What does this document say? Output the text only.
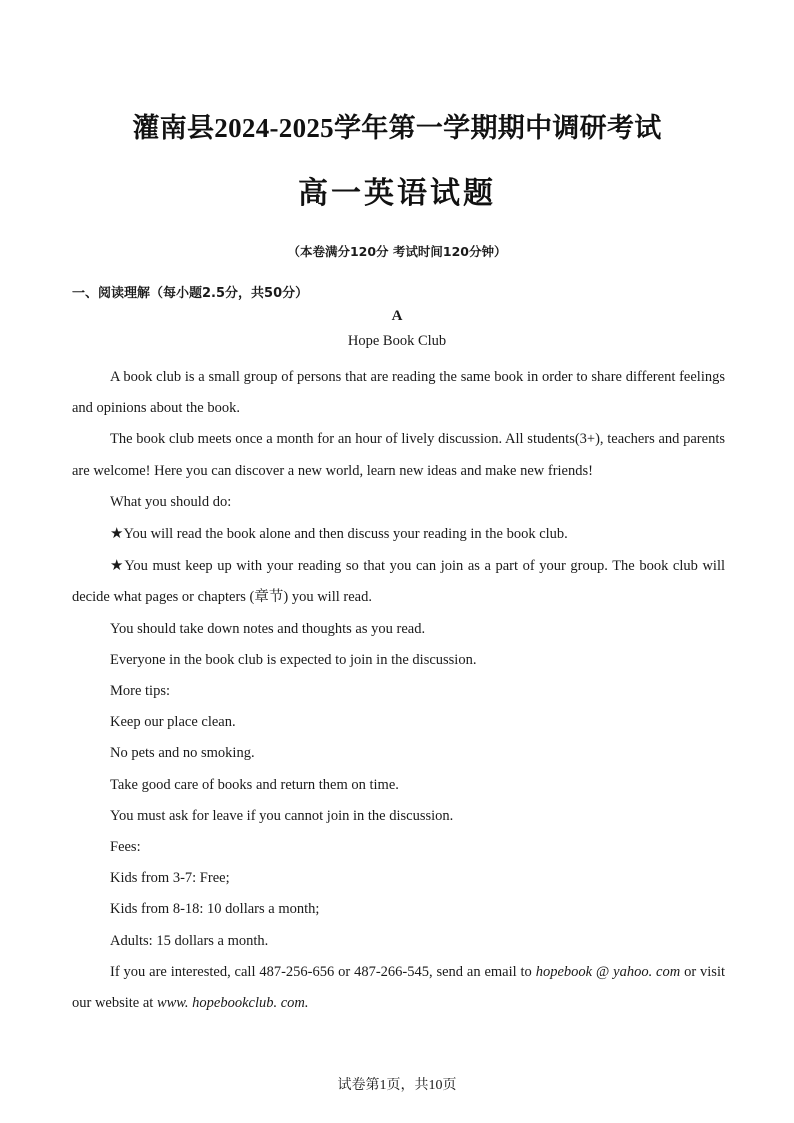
灌南县2024-2025学年第一学期期中调研考试
高一英语试题
（本卷满分120分 考试时间120分钟）
一、阅读理解（每小题2.5分，共50分）
A
Hope Book Club

A book club is a small group of persons that are reading the same book in order to share different feelings and opinions about the book.

The book club meets once a month for an hour of lively discussion. All students(3+), teachers and parents are welcome! Here you can discover a new world, learn new ideas and make new friends!

What you should do:

★You will read the book alone and then discuss your reading in the book club.

★You must keep up with your reading so that you can join as a part of your group. The book club will decide what pages or chapters (章节) you will read.

You should take down notes and thoughts as you read.

Everyone in the book club is expected to join in the discussion.

More tips:

Keep our place clean.

No pets and no smoking.

Take good care of books and return them on time.

You must ask for leave if you cannot join in the discussion.

Fees:

Kids from 3-7: Free;

Kids from 8-18: 10 dollars a month;

Adults: 15 dollars a month.

If you are interested, call 487-256-656 or 487-266-545, send an email to hopebook @ yahoo. com or visit our website at www. hopebookclub. com.

试卷第1页，共10页
